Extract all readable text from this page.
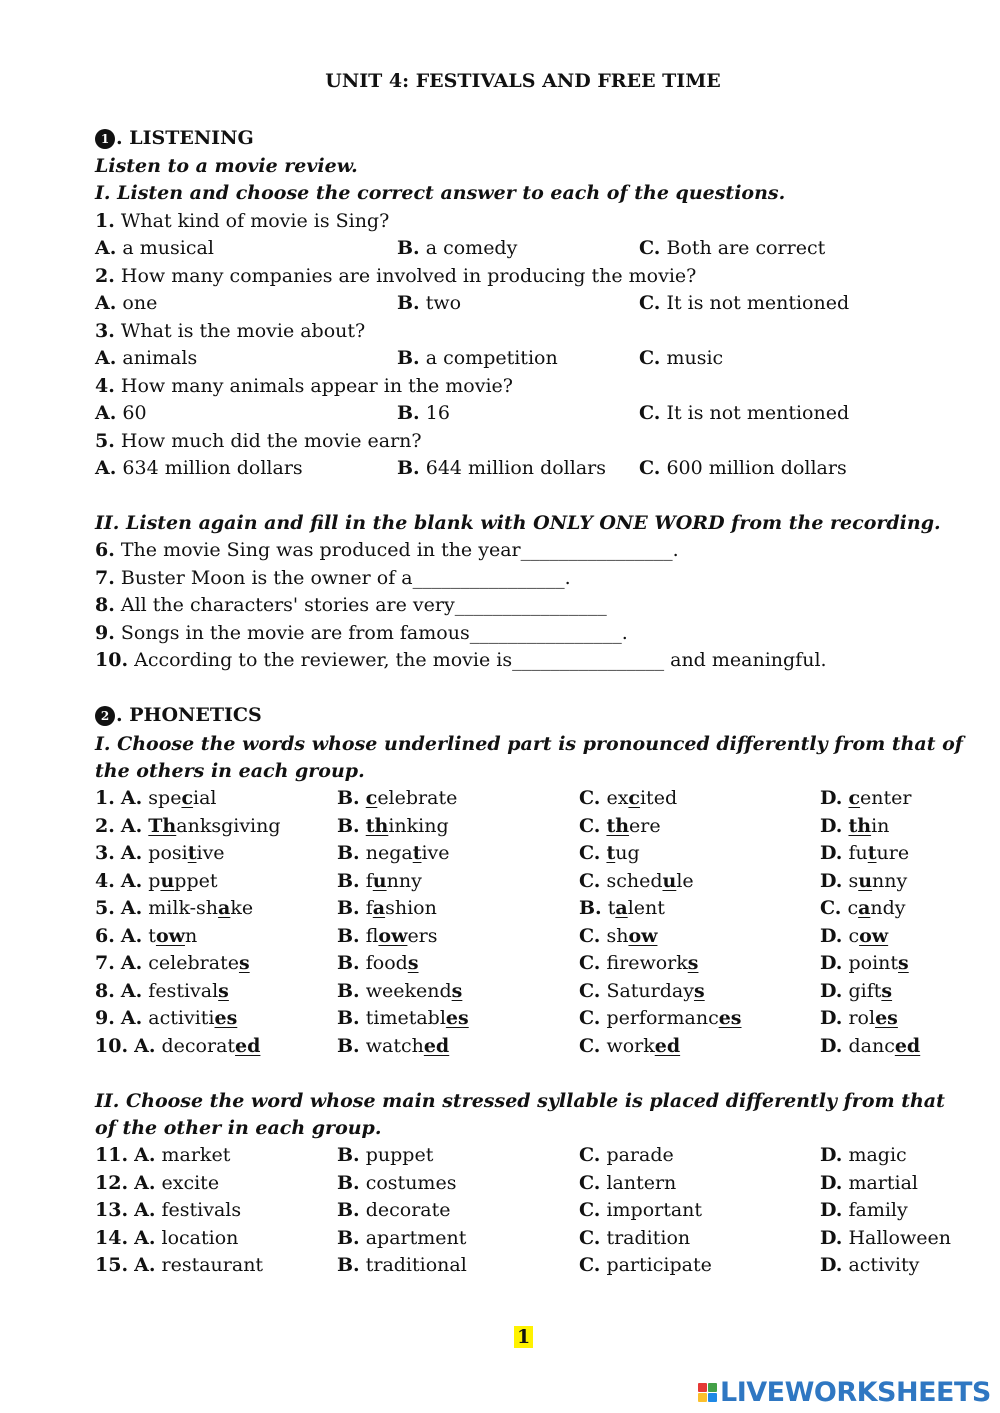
UNIT 4: FESTIVALS AND FREE TIME
1 . LISTENING
Listen to a movie review.
I. Listen and choose the correct answer to each of the questions.
1. What kind of movie is Sing?
A. a musical	B. a comedy	C. Both are correct
2. How many companies are involved in producing the movie?
A. one	B. two	C. It is not mentioned
3. What is the movie about?
A. animals	B. a competition	C. music
4. How many animals appear in the movie?
A. 60	B. 16	C. It is not mentioned
5. How much did the movie earn?
A. 634 million dollars	B. 644 million dollars C. 600 million dollars
II. Listen again and fill in the blank with ONLY ONE WORD from the recording.
6. The movie Sing was produced in the year________________.
7. Buster Moon is the owner of a________________.
8. All the characters' stories are very________________
9. Songs in the movie are from famous________________.
10. According to the reviewer, the movie is________________ and meaningful.
2 . PHONETICS
I. Choose the words whose underlined part is pronounced differently from that of
the others in each group.
1. A. special	B. celebrate	C. excited	D. center
2. A. Thanksgiving	B. thinking	C. there	D. thin
3. A. positive	B. negative	C. tug	D. future
4. A. puppet	B. funny	C. schedule	D. sunny
5. A. milk-shake	B. fashion	B. talent	C. candy
6. A. town	B. flowers	C. show	D. cow
7. A. celebrates	B. foods	C. fireworks	D. points
8. A. festivals	B. weekends	C. Saturdays	D. gifts
9. A. activities	B. timetables	C. performances	D. roles
10. A. decorated	B. watched	C. worked	D. danced
II. Choose the word whose main stressed syllable is placed differently from that
of the other in each group.
11. A. market	B. puppet	C. parade	D. magic
12. A. excite	B. costumes	C. lantern	D. martial
13. A. festivals	B. decorate	C. important	D. family
14. A. location	B. apartment	C. tradition	D. Halloween
15. A. restaurant	B. traditional	C. participate	D. activity
1
LIVEWORKSHEETS
